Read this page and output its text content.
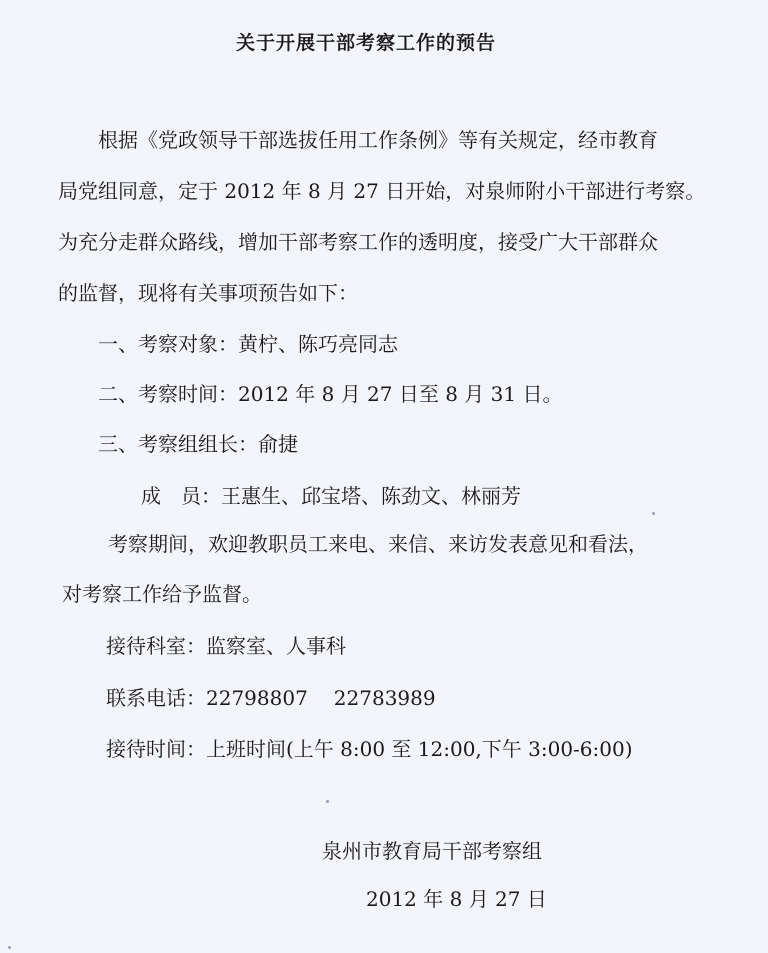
关于开展干部考察工作的预告
根据《党政领导干部选拔任用工作条例》等有关规定，经市教育
局党组同意，定于 2012 年 8 月 27 日开始，对泉师附小干部进行考察。
为充分走群众路线，增加干部考察工作的透明度，接受广大干部群众
的监督，现将有关事项预告如下：
一、考察对象：黄柠、陈巧亮同志
二、考察时间：2012 年 8 月 27 日至 8 月 31 日。
三、考察组组长：俞捷
成　员：王惠生、邱宝塔、陈劲文、林丽芳
考察期间，欢迎教职员工来电、来信、来访发表意见和看法，
对考察工作给予监督。
接待科室：监察室、人事科
联系电话：22798807 22783989
接待时间：上班时间(上午 8:00 至 12:00,下午 3:00-6:00)
泉州市教育局干部考察组
2012 年 8 月 27 日
